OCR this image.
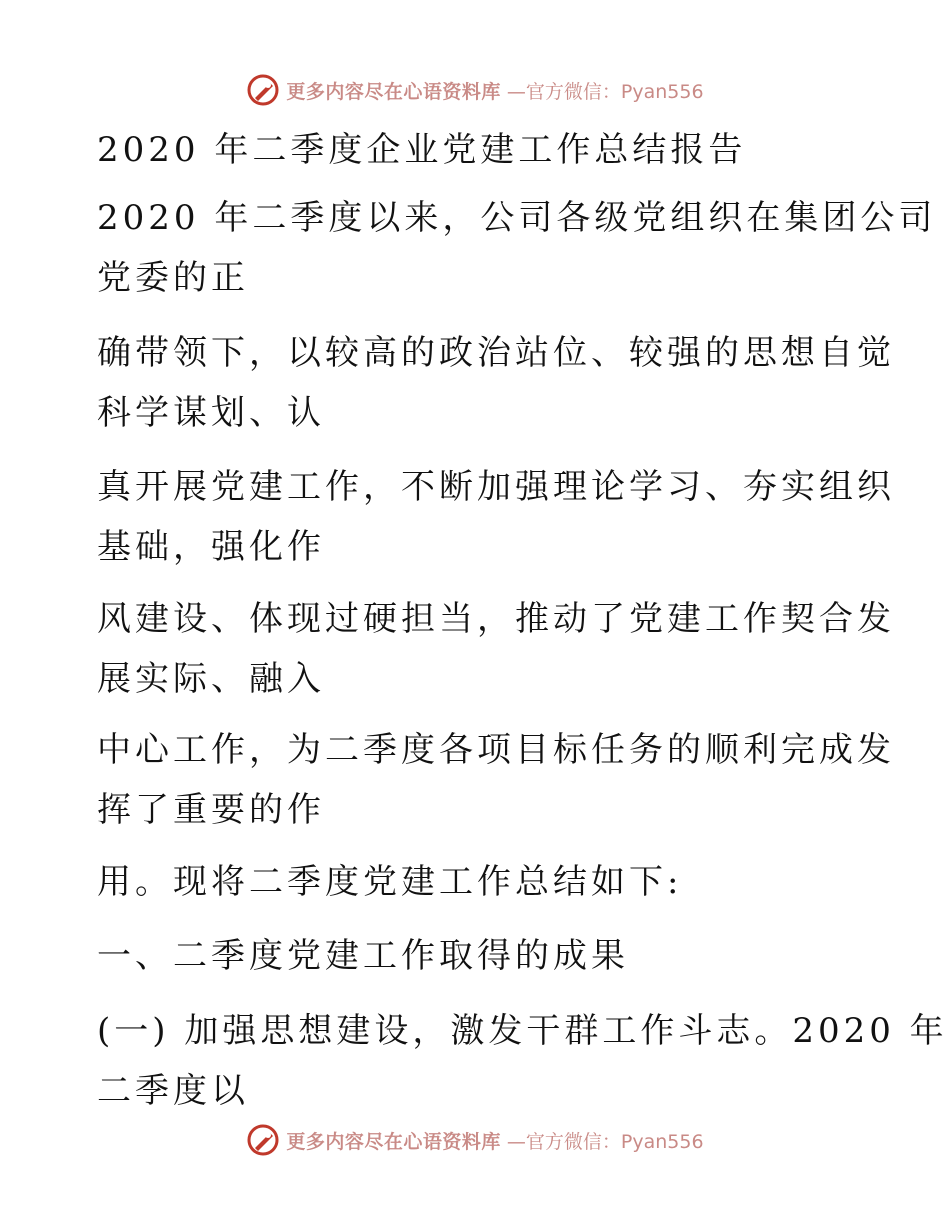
更多内容尽在心语资料库 —官方微信：Pyan556
2020 年二季度企业党建工作总结报告
2020 年二季度以来，公司各级党组织在集团公司
党委的正
确带领下，以较高的政治站位、较强的思想自觉
科学谋划、认
真开展党建工作，不断加强理论学习、夯实组织
基础，强化作
风建设、体现过硬担当，推动了党建工作契合发
展实际、融入
中心工作，为二季度各项目标任务的顺利完成发
挥了重要的作
用。现将二季度党建工作总结如下:
一、二季度党建工作取得的成果
(一) 加强思想建设，激发干群工作斗志。2020 年
二季度以
更多内容尽在心语资料库 —官方微信：Pyan556
